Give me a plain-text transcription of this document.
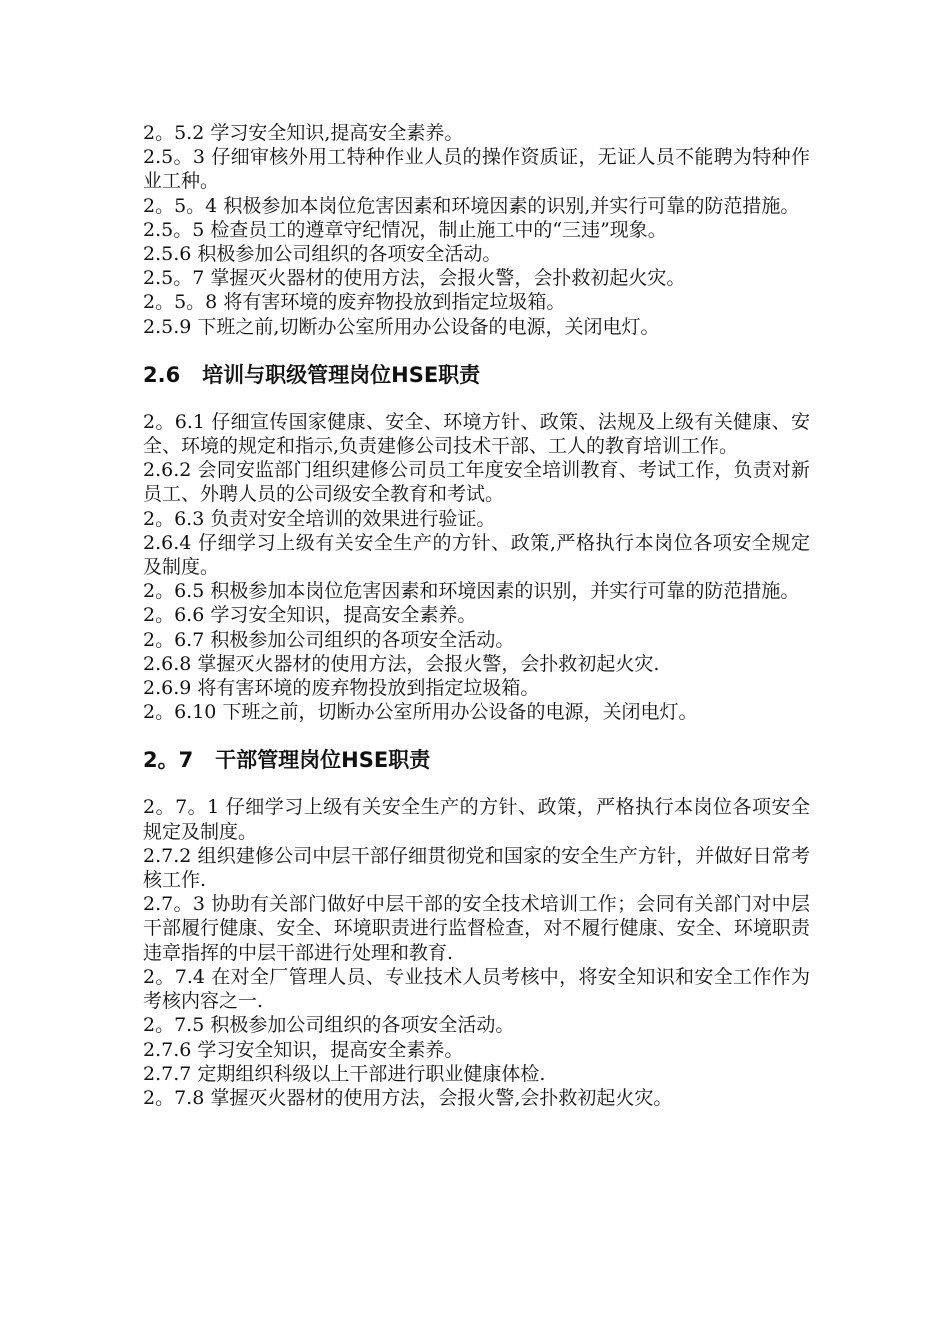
2。5.2 学习安全知识,提高安全素养。

2.5。3 仔细审核外用工特种作业人员的操作资质证，无证人员不能聘为特种作业工种。

2。5。4 积极参加本岗位危害因素和环境因素的识别,并实行可靠的防范措施。

2.5。5 检查员工的遵章守纪情况，制止施工中的“三违”现象。

2.5.6 积极参加公司组织的各项安全活动。

2.5。7 掌握灭火器材的使用方法，会报火警，会扑救初起火灾。

2。5。8 将有害环境的废弃物投放到指定垃圾箱。

2.5.9 下班之前,切断办公室所用办公设备的电源，关闭电灯。

2.6 培训与职级管理岗位HSE职责

2。6.1 仔细宣传国家健康、安全、环境方针、政策、法规及上级有关健康、安全、环境的规定和指示,负责建修公司技术干部、工人的教育培训工作。

2.6.2 会同安监部门组织建修公司员工年度安全培训教育、考试工作，负责对新员工、外聘人员的公司级安全教育和考试。

2。6.3 负责对安全培训的效果进行验证。

2.6.4 仔细学习上级有关安全生产的方针、政策,严格执行本岗位各项安全规定及制度。

2。6.5 积极参加本岗位危害因素和环境因素的识别，并实行可靠的防范措施。

2。6.6 学习安全知识，提高安全素养。

2。6.7 积极参加公司组织的各项安全活动。

2.6.8 掌握灭火器材的使用方法，会报火警，会扑救初起火灾.

2.6.9 将有害环境的废弃物投放到指定垃圾箱。

2。6.10 下班之前，切断办公室所用办公设备的电源，关闭电灯。

2。7 干部管理岗位HSE职责

2。7。1 仔细学习上级有关安全生产的方针、政策，严格执行本岗位各项安全规定及制度。

2.7.2 组织建修公司中层干部仔细贯彻党和国家的安全生产方针，并做好日常考核工作.

2.7。3 协助有关部门做好中层干部的安全技术培训工作；会同有关部门对中层干部履行健康、安全、环境职责进行监督检查，对不履行健康、安全、环境职责违章指挥的中层干部进行处理和教育.

2。7.4 在对全厂管理人员、专业技术人员考核中，将安全知识和安全工作作为考核内容之一.

2。7.5 积极参加公司组织的各项安全活动。

2.7.6 学习安全知识，提高安全素养。

2.7.7 定期组织科级以上干部进行职业健康体检.

2。7.8 掌握灭火器材的使用方法，会报火警,会扑救初起火灾。
